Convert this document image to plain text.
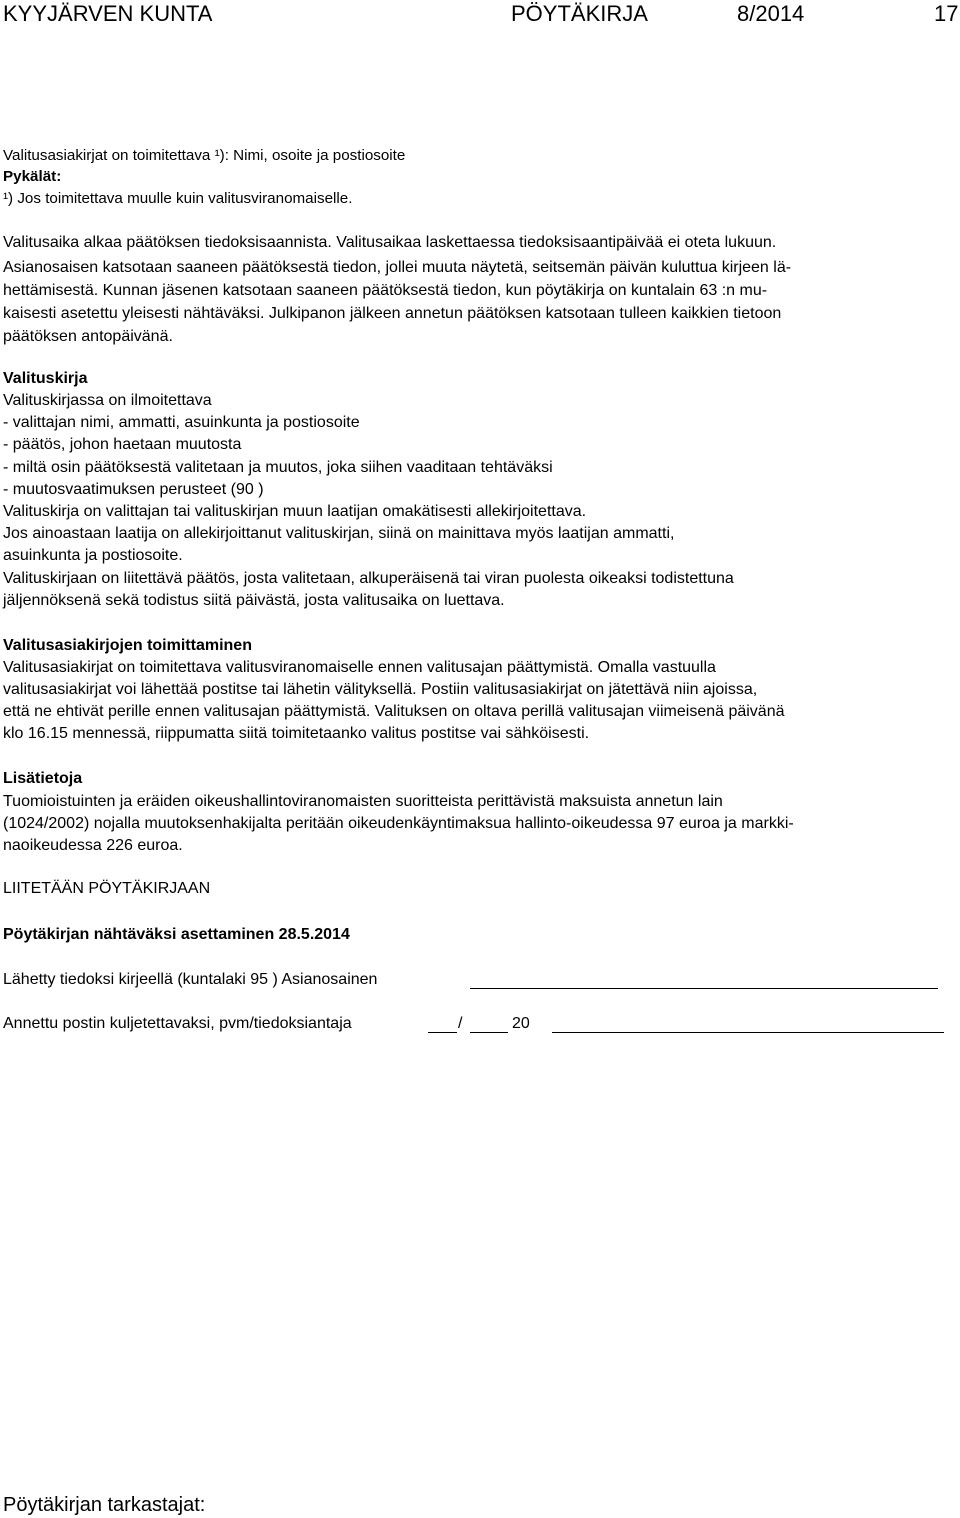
KYYJÄRVEN KUNTA	PÖYTÄKIRJA	8/2014	17
Valitusasiakirjat on toimitettava ¹): Nimi, osoite ja postiosoite
Pykälät:
¹) Jos toimitettava muulle kuin valitusviranomaiselle.
Valitusaika alkaa päätöksen tiedoksisaannista. Valitusaikaa laskettaessa tiedoksisaantipäivää ei oteta lukuun.
Asianosaisen katsotaan saaneen päätöksestä tiedon, jollei muuta näytetä, seitsemän päivän kuluttua kirjeen lä-
hettämisestä. Kunnan jäsenen katsotaan saaneen päätöksestä tiedon, kun pöytäkirja on kuntalain 63 :n mu-
kaisesti asetettu yleisesti nähtäväksi. Julkipanon jälkeen annetun päätöksen katsotaan tulleen kaikkien tietoon
päätöksen antopäivänä.
Valituskirja
Valituskirjassa on ilmoitettava
- valittajan nimi, ammatti, asuinkunta ja postiosoite
- päätös, johon haetaan muutosta
- miltä osin päätöksestä valitetaan ja muutos, joka siihen vaaditaan tehtäväksi
- muutosvaatimuksen perusteet (90 )
Valituskirja on valittajan tai valituskirjan muun laatijan omakätisesti allekirjoitettava.
Jos ainoastaan laatija on allekirjoittanut valituskirjan, siinä on mainittava myös laatijan ammatti,
asuinkunta ja postiosoite.
Valituskirjaan on liitettävä päätös, josta valitetaan, alkuperäisenä tai viran puolesta oikeaksi todistettuna
jäljennöksenä sekä todistus siitä päivästä, josta valitusaika on luettava.
Valitusasiakirjojen toimittaminen
Valitusasiakirjat on toimitettava valitusviranomaiselle ennen valitusajan päättymistä. Omalla vastuulla
valitusasiakirjat voi lähettää postitse tai lähetin välityksellä. Postiin valitusasiakirjat on jätettävä niin ajoissa,
että ne ehtivät perille ennen valitusajan päättymistä. Valituksen on oltava perillä valitusajan viimeisenä päivänä
klo 16.15 mennessä, riippumatta siitä toimitetaanko valitus postitse vai sähköisesti.
Lisätietoja
Tuomioistuinten ja eräiden oikeushallintoviranomaisten suoritteista perittävistä maksuista annetun lain
(1024/2002) nojalla muutoksenhakijalta peritään oikeudenkäyntimaksua hallinto-oikeudessa 97 euroa ja markki-
naoikeudessa 226 euroa.
LIITETÄÄN PÖYTÄKIRJAAN
Pöytäkirjan nähtäväksi asettaminen 28.5.2014
Lähetty tiedoksi kirjeellä (kuntalaki 95 ) Asianosainen
Annettu postin kuljetettavaksi, pvm/tiedoksiantaja	/	20
Pöytäkirjan tarkastajat:
